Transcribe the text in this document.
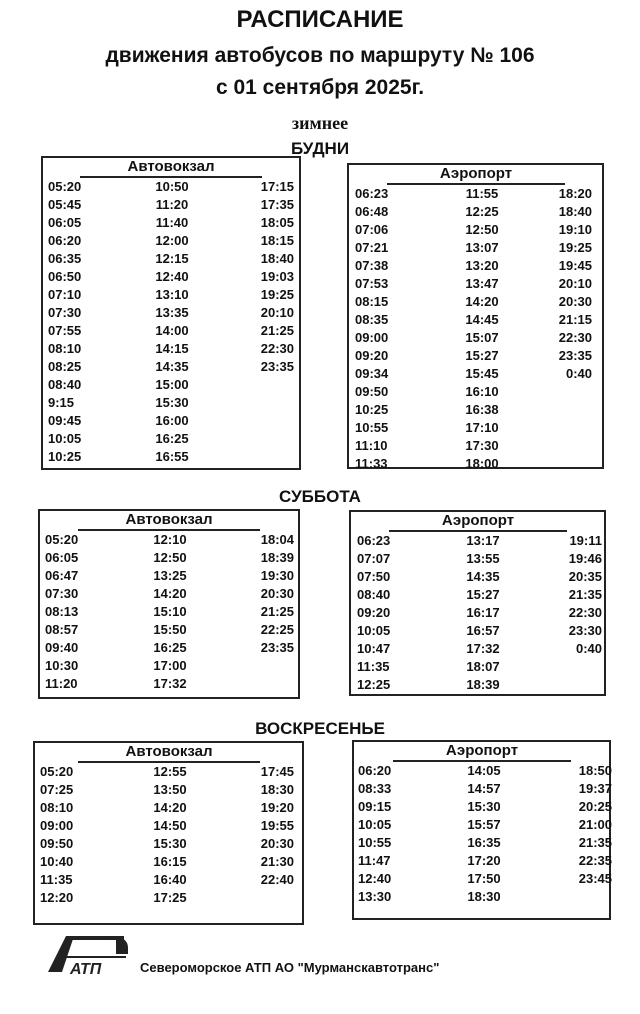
РАСПИСАНИЕ
движения автобусов по маршруту № 106
с 01 сентября 2025г.
зимнее
БУДНИ
Автовокзал
05:20
05:45
06:05
06:20
06:35
06:50
07:10
07:30
07:55
08:10
08:25
08:40
9:15
09:45
10:05
10:25
10:50
11:20
11:40
12:00
12:15
12:40
13:10
13:35
14:00
14:15
14:35
15:00
15:30
16:00
16:25
16:55
17:15
17:35
18:05
18:15
18:40
19:03
19:25
20:10
21:25
22:30
23:35
Аэропорт
06:23
06:48
07:06
07:21
07:38
07:53
08:15
08:35
09:00
09:20
09:34
09:50
10:25
10:55
11:10
11:33
11:55
12:25
12:50
13:07
13:20
13:47
14:20
14:45
15:07
15:27
15:45
16:10
16:38
17:10
17:30
18:00
18:20
18:40
19:10
19:25
19:45
20:10
20:30
21:15
22:30
23:35
0:40
СУББОТА
Автовокзал
05:20
06:05
06:47
07:30
08:13
08:57
09:40
10:30
11:20
12:10
12:50
13:25
14:20
15:10
15:50
16:25
17:00
17:32
18:04
18:39
19:30
20:30
21:25
22:25
23:35
Аэропорт
06:23
07:07
07:50
08:40
09:20
10:05
10:47
11:35
12:25
13:17
13:55
14:35
15:27
16:17
16:57
17:32
18:07
18:39
19:11
19:46
20:35
21:35
22:30
23:30
0:40
ВОСКРЕСЕНЬЕ
Автовокзал
05:20
07:25
08:10
09:00
09:50
10:40
11:35
12:20
12:55
13:50
14:20
14:50
15:30
16:15
16:40
17:25
17:45
18:30
19:20
19:55
20:30
21:30
22:40
Аэропорт
06:20
08:33
09:15
10:05
10:55
11:47
12:40
13:30
14:05
14:57
15:30
15:57
16:35
17:20
17:50
18:30
18:50
19:37
20:25
21:00
21:35
22:35
23:45
АТП	Североморское АТП АО "Мурманскавтотранс"
